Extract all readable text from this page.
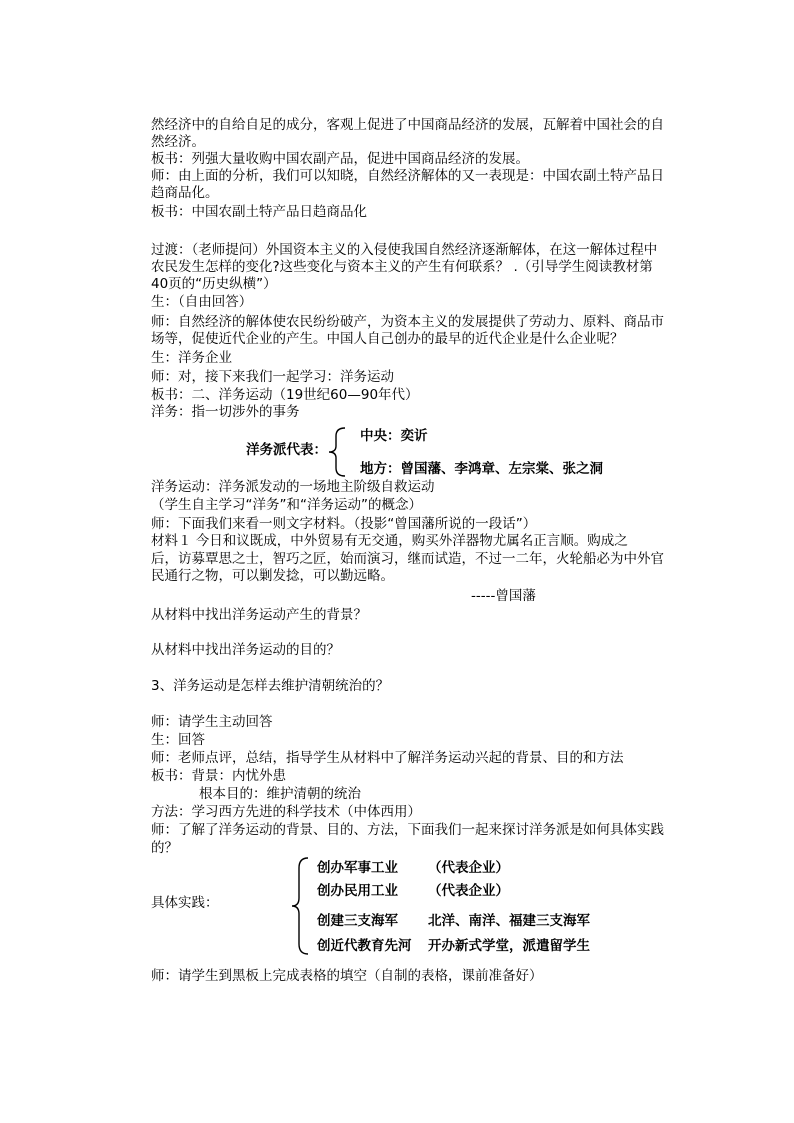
然经济中的自给自足的成分，客观上促进了中国商品经济的发展，瓦解着中国社会的自
然经济。
板书：列强大量收购中国农副产品，促进中国商品经济的发展。
师：由上面的分析，我们可以知晓，自然经济解体的又一表现是：中国农副土特产品日
趋商品化。
板书：中国农副土特产品日趋商品化
过渡：（老师提问）外国资本主义的入侵使我国自然经济逐渐解体，在这一解体过程中
农民发生怎样的变化?这些变化与资本主义的产生有何联系？ .（引导学生阅读教材第
40页的“历史纵横”）
生：（自由回答）
师：自然经济的解体使农民纷纷破产，为资本主义的发展提供了劳动力、原料、商品市
场等，促使近代企业的产生。中国人自己创办的最早的近代企业是什么企业呢？
生：洋务企业
师：对，接下来我们一起学习：洋务运动
板书：二、洋务运动（19世纪60—90年代）
洋务：指一切涉外的事务
洋务派代表：
中央：奕䜣
地方：曾国藩、李鸿章、左宗棠、张之洞
洋务运动：洋务派发动的一场地主阶级自救运动
（学生自主学习“洋务”和“洋务运动”的概念）
师：下面我们来看一则文字材料。（投影“曾国藩所说的一段话”）
材料１ 今日和议既成，中外贸易有无交通，购买外洋器物尤属名正言顺。购成之
后，访募覃思之士，智巧之匠，始而演习，继而试造，不过一二年，火轮船必为中外官
民通行之物，可以剿发捻，可以勤远略。
-----曾国藩
从材料中找出洋务运动产生的背景？
从材料中找出洋务运动的目的？
3、洋务运动是怎样去维护清朝统治的？
师：请学生主动回答
生：回答
师：老师点评，总结，指导学生从材料中了解洋务运动兴起的背景、目的和方法
板书：背景：内忧外患
根本目的：维护清朝的统治
方法：学习西方先进的科学技术（中体西用）
师：了解了洋务运动的背景、目的、方法，下面我们一起来探讨洋务派是如何具体实践
的？
具体实践：
创办军事工业 （代表企业）
创办民用工业 （代表企业）
创建三支海军 北洋、南洋、福建三支海军
创近代教育先河 开办新式学堂，派遣留学生
师：请学生到黑板上完成表格的填空（自制的表格，课前准备好）
